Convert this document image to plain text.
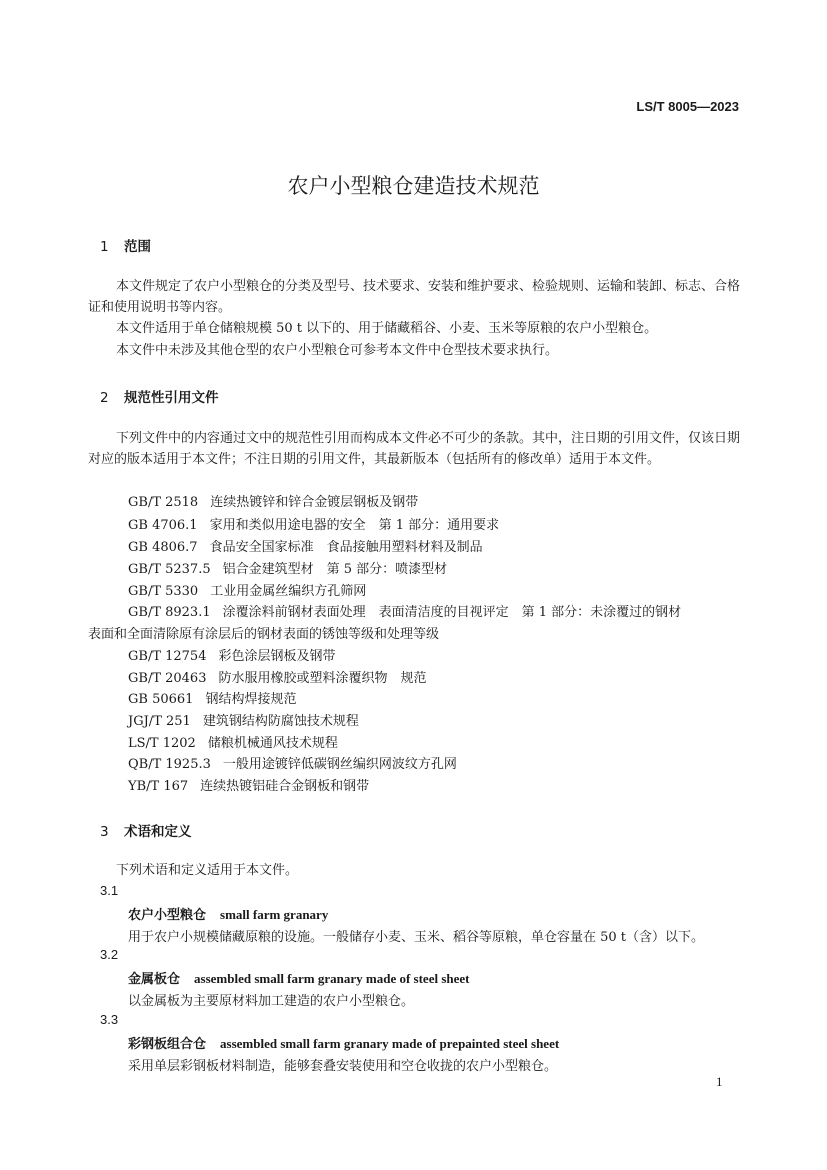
LS/T 8005—2023
农户小型粮仓建造技术规范
1 范围
本文件规定了农户小型粮仓的分类及型号、技术要求、安装和维护要求、检验规则、运输和装卸、标志、合格证和使用说明书等内容。
本文件适用于单仓储粮规模 50 t 以下的、用于储藏稻谷、小麦、玉米等原粮的农户小型粮仓。
本文件中未涉及其他仓型的农户小型粮仓可参考本文件中仓型技术要求执行。
2 规范性引用文件
下列文件中的内容通过文中的规范性引用而构成本文件必不可少的条款。其中，注日期的引用文件，仅该日期对应的版本适用于本文件；不注日期的引用文件，其最新版本（包括所有的修改单）适用于本文件。
GB/T 2518 连续热镀锌和锌合金镀层钢板及钢带
GB 4706.1 家用和类似用途电器的安全　第 1 部分：通用要求
GB 4806.7 食品安全国家标准　食品接触用塑料材料及制品
GB/T 5237.5 铝合金建筑型材　第 5 部分：喷漆型材
GB/T 5330 工业用金属丝编织方孔筛网
GB/T 8923.1 涂覆涂料前钢材表面处理　表面清洁度的目视评定　第 1 部分：未涂覆过的钢材
表面和全面清除原有涂层后的钢材表面的锈蚀等级和处理等级
GB/T 12754 彩色涂层钢板及钢带
GB/T 20463 防水服用橡胶或塑料涂覆织物　规范
GB 50661 钢结构焊接规范
JGJ/T 251 建筑钢结构防腐蚀技术规程
LS/T 1202 储粮机械通风技术规程
QB/T 1925.3 一般用途镀锌低碳钢丝编织网波纹方孔网
YB/T 167 连续热镀铝硅合金钢板和钢带
3 术语和定义
下列术语和定义适用于本文件。
3.1
农户小型粮仓 small farm granary
用于农户小规模储藏原粮的设施。一般储存小麦、玉米、稻谷等原粮，单仓容量在 50 t（含）以下。
3.2
金属板仓 assembled small farm granary made of steel sheet
以金属板为主要原材料加工建造的农户小型粮仓。
3.3
彩钢板组合仓 assembled small farm granary made of prepainted steel sheet
采用单层彩钢板材料制造，能够套叠安装使用和空仓收拢的农户小型粮仓。
1
